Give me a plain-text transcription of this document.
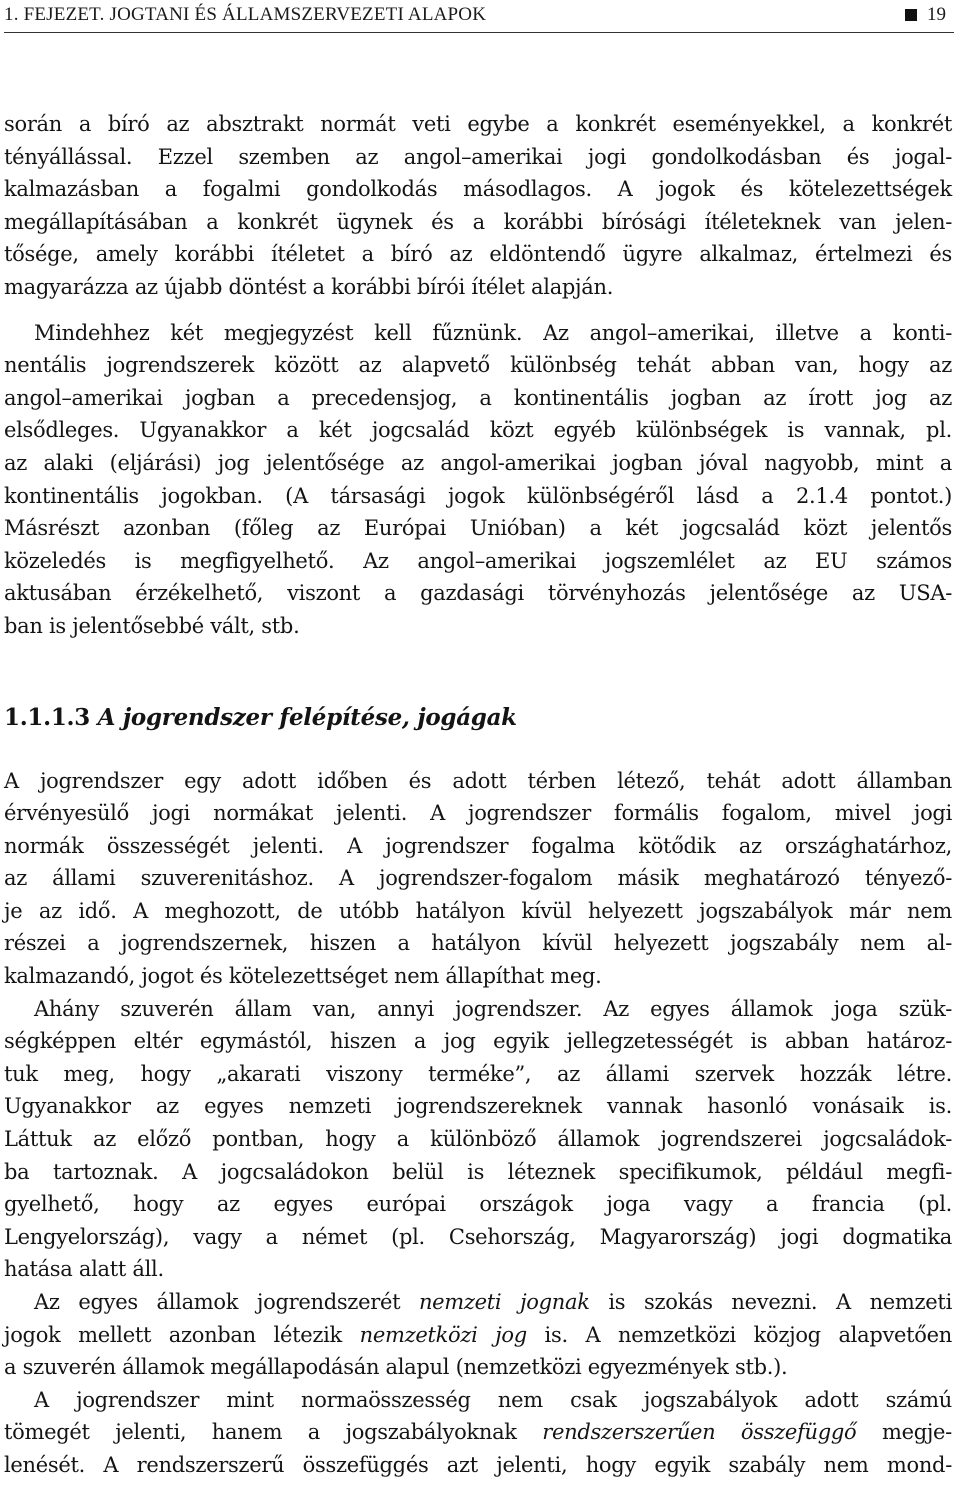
1. FEJEZET. JOGTANI ÉS ÁLLAMSZERVEZETI ALAPOK	19

során a bíró az absztrakt normát veti egybe a konkrét eseményekkel, a konkrét
tényállással. Ezzel szemben az angol–amerikai jogi gondolkodásban és jogal-
kalmazásban a fogalmi gondolkodás másodlagos. A jogok és kötelezettségek
megállapításában a konkrét ügynek és a korábbi bírósági ítéleteknek van jelen-
tősége, amely korábbi ítéletet a bíró az eldöntendő ügyre alkalmaz, értelmezi és
magyarázza az újabb döntést a korábbi bírói ítélet alapján.

Mindehhez két megjegyzést kell fűznünk. Az angol–amerikai, illetve a konti-
nentális jogrendszerek között az alapvető különbség tehát abban van, hogy az
angol–amerikai jogban a precedensjog, a kontinentális jogban az írott jog az
elsődleges. Ugyanakkor a két jogcsalád közt egyéb különbségek is vannak, pl.
az alaki (eljárási) jog jelentősége az angol-amerikai jogban jóval nagyobb, mint a
kontinentális jogokban. (A társasági jogok különbségéről lásd a 2.1.4 pontot.)
Másrészt azonban (főleg az Európai Unióban) a két jogcsalád közt jelentős
közeledés is megfigyelhető. Az angol–amerikai jogszemlélet az EU számos
aktusában érzékelhető, viszont a gazdasági törvényhozás jelentősége az USA-
ban is jelentősebbé vált, stb.

1.1.1.3 A jogrendszer felépítése, jogágak

A jogrendszer egy adott időben és adott térben létező, tehát adott államban
érvényesülő jogi normákat jelenti. A jogrendszer formális fogalom, mivel jogi
normák összességét jelenti. A jogrendszer fogalma kötődik az országhatárhoz,
az állami szuverenitáshoz. A jogrendszer-fogalom másik meghatározó tényező-
je az idő. A meghozott, de utóbb hatályon kívül helyezett jogszabályok már nem
részei a jogrendszernek, hiszen a hatályon kívül helyezett jogszabály nem al-
kalmazandó, jogot és kötelezettséget nem állapíthat meg.

Ahány szuverén állam van, annyi jogrendszer. Az egyes államok joga szük-
ségképpen eltér egymástól, hiszen a jog egyik jellegzetességét is abban határoz-
tuk meg, hogy „akarati viszony terméke”, az állami szervek hozzák létre.
Ugyanakkor az egyes nemzeti jogrendszereknek vannak hasonló vonásaik is.
Láttuk az előző pontban, hogy a különböző államok jogrendszerei jogcsaládok-
ba tartoznak. A jogcsaládokon belül is léteznek specifikumok, például megfi-
gyelhető, hogy az egyes európai országok joga vagy a francia (pl.
Lengyelország), vagy a német (pl. Csehország, Magyarország) jogi dogmatika
hatása alatt áll.

Az egyes államok jogrendszerét nemzeti jognak is szokás nevezni. A nemzeti
jogok mellett azonban létezik nemzetközi jog is. A nemzetközi közjog alapvetően
a szuverén államok megállapodásán alapul (nemzetközi egyezmények stb.).

A jogrendszer mint normaösszesség nem csak jogszabályok adott számú
tömegét jelenti, hanem a jogszabályoknak rendszerszerűen összefüggő megje-
lenését. A rendszerszerű összefüggés azt jelenti, hogy egyik szabály nem mond-
